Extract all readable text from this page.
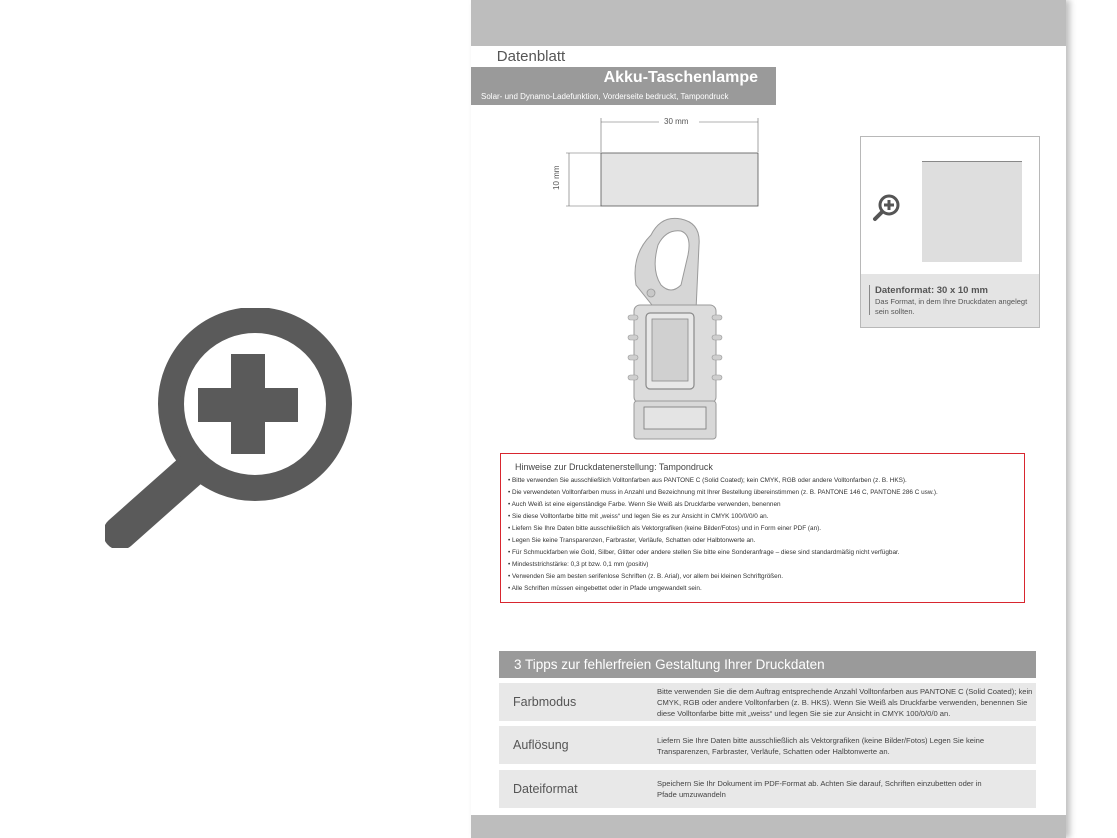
Datenblatt
Akku-Taschenlampe
Solar- und Dynamo-Ladefunktion, Vorderseite bedruckt, Tampondruck
30 mm
10 mm
Datenformat: 30 x 10 mm
Das Format, in dem Ihre Druckdaten angelegt sein sollten.
Hinweise zur Druckdatenerstellung: Tampondruck
• Bitte verwenden Sie ausschließlich Volltonfarben aus PANTONE C (Solid Coated); kein CMYK, RGB oder andere Volltonfarben (z. B. HKS).
• Die verwendeten Volltonfarben muss in Anzahl und Bezeichnung mit Ihrer Bestellung übereinstimmen (z. B. PANTONE 146 C, PANTONE 286 C usw.).
• Auch Weiß ist eine eigenständige Farbe. Wenn Sie Weiß als Druckfarbe verwenden, benennen
• Sie diese Volltonfarbe bitte mit „weiss“ und legen Sie es zur Ansicht in CMYK 100/0/0/0 an.
• Liefern Sie Ihre Daten bitte ausschließlich als Vektorgrafiken (keine Bilder/Fotos) und in Form einer PDF (an).
• Legen Sie keine Transparenzen, Farbraster, Verläufe, Schatten oder Halbtonwerte an.
• Für Schmuckfarben wie Gold, Silber, Glitter oder andere stellen Sie bitte eine Sonderanfrage – diese sind standardmäßig nicht verfügbar.
• Mindeststrichstärke: 0,3 pt bzw. 0,1 mm (positiv)
• Verwenden Sie am besten serifenlose Schriften (z. B. Arial), vor allem bei kleinen Schriftgrößen.
• Alle Schriften müssen eingebettet oder in Pfade umgewandelt sein.
3 Tipps zur fehlerfreien Gestaltung Ihrer Druckdaten
Farbmodus
Bitte verwenden Sie die dem Auftrag entsprechende Anzahl Volltonfarben aus PANTONE C (Solid Coated); kein CMYK, RGB oder andere Volltonfarben (z. B. HKS). Wenn Sie Weiß als Druckfarbe verwenden, benennen Sie diese Volltonfarbe bitte mit „weiss“ und legen Sie sie zur Ansicht in CMYK 100/0/0/0 an.
Auflösung	Liefern Sie Ihre Daten bitte ausschließlich als Vektorgrafiken (keine Bilder/Fotos) Legen Sie keine Transparenzen, Farbraster, Verläufe, Schatten oder Halbtonwerte an.
Dateiformat	Speichern Sie Ihr Dokument im PDF-Format ab. Achten Sie darauf, Schriften einzubetten oder in Pfade umzuwandeln
